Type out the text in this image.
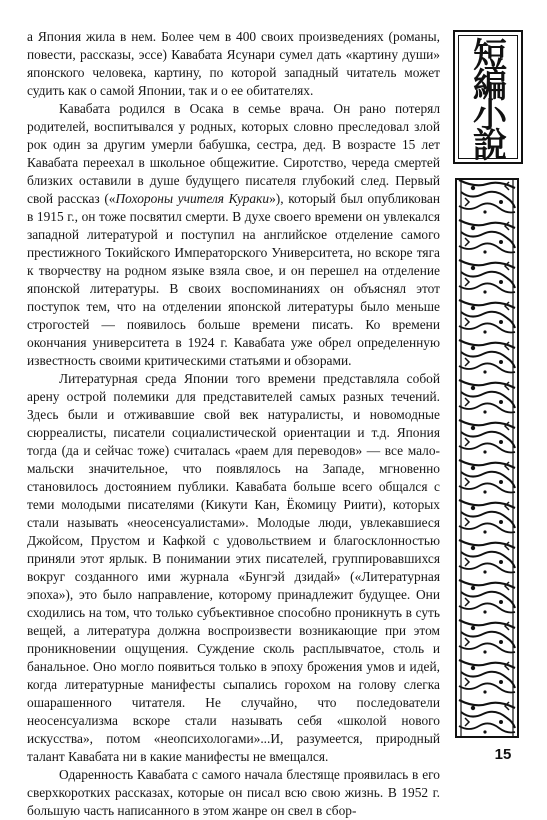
а Япония жила в нем. Более чем в 400 своих произведениях (романы, повести, рассказы, эссе) Кавабата Ясунари сумел дать «картину души» японского человека, картину, по которой западный читатель может судить как о самой Японии, так и о ее обитателях.

Кавабата родился в Осака в семье врача. Он рано потерял родителей, воспитывался у родных, которых словно преследовал злой рок один за другим умерли бабушка, сестра, дед. В возрасте 15 лет Кавабата переехал в школьное общежитие. Сиротство, череда смертей близких оставили в душе будущего писателя глубокий след. Первый свой рассказ («Похороны учителя Кураки»), который был опубликован в 1915 г., он тоже посвятил смерти. В духе своего времени он увлекался западной литературой и поступил на английское отделение самого престижного Токийского Императорского Университета, но вскоре тяга к творчеству на родном языке взяла свое, и он перешел на отделение японской литературы. В своих воспоминаниях он объяснял этот поступок тем, что на отделении японской литературы было меньше строгостей — появилось больше времени писать. Ко времени окончания университета в 1924 г. Кавабата уже обрел определенную известность своими критическими статьями и обзорами.

Литературная среда Японии того времени представляла собой арену острой полемики для представителей самых разных течений. Здесь были и отживавшие свой век натуралисты, и новомодные сюрреалисты, писатели социалистической ориентации и т.д. Япония тогда (да и сейчас тоже) считалась «раем для переводов» — все мало-мальски значительное, что появлялось на Западе, мгновенно становилось достоянием публики. Кавабата больше всего общался с теми молодыми писателями (Кикути Кан, Ёкомицу Риити), которых стали называть «неосенсуалистами». Молодые люди, увлекавшиеся Джойсом, Прустом и Кафкой с удовольствием и благосклонностью приняли этот ярлык. В понимании этих писателей, группировавшихся вокруг созданного ими журнала «Бунгэй дзидай» («Литературная эпоха»), это было направление, которому принадлежит будущее. Они сходились на том, что только субъективное способно проникнуть в суть вещей, а литература должна воспроизвести возникающие при этом проникновении ощущения. Суждение сколь расплывчатое, столь и банальное. Оно могло появиться только в эпоху брожения умов и идей, когда литературные манифесты сыпались горохом на голову слегка ошарашенного читателя. Не случайно, что последователи неосенсуализма вскоре стали называть себя «школой нового искусства», потом «неопсихологами»...И, разумеется, природный талант Кавабата ни в какие манифесты не вмещался.

Одаренность Кавабата с самого начала блестяще проявилась в его сверхкоротких рассказах, которые он писал всю свою жизнь. В 1952 г. большую часть написанного в этом жанре он свел в сбор-

短
編
小
說
15
